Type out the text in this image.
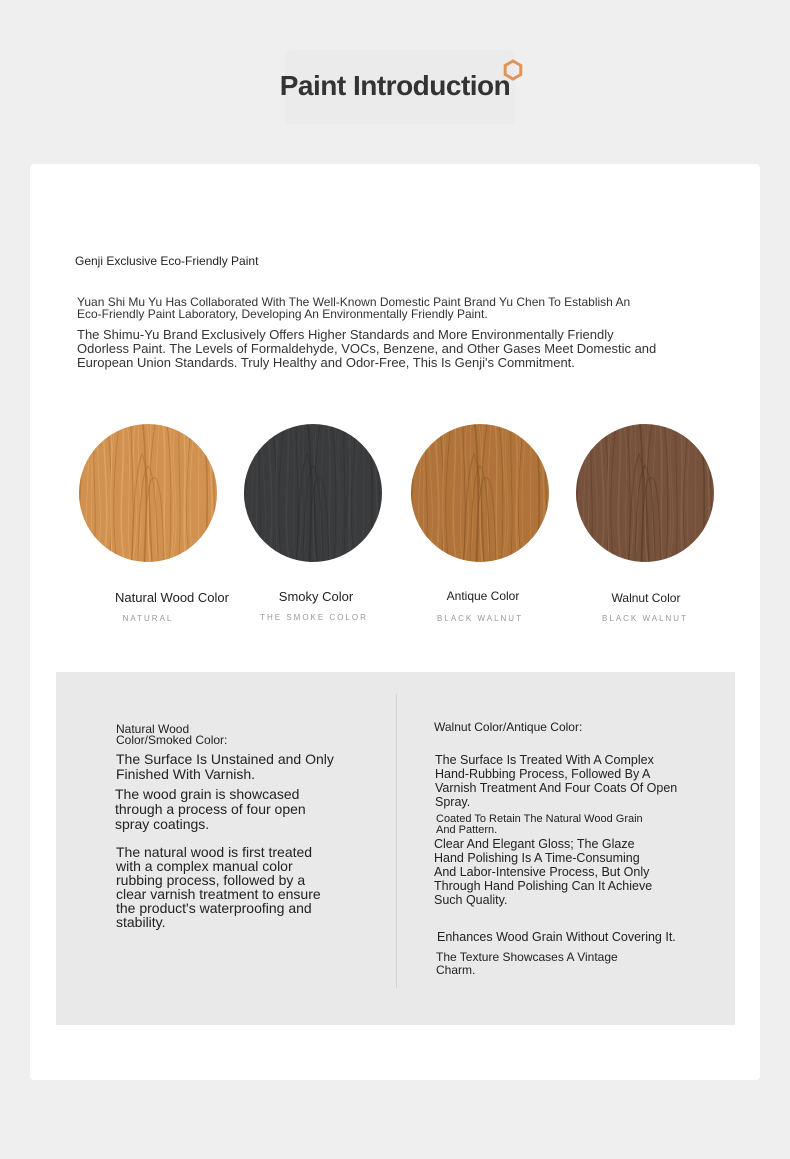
Paint Introduction
Genji Exclusive Eco-Friendly Paint
Yuan Shi Mu Yu Has Collaborated With The Well-Known Domestic Paint Brand Yu Chen To Establish An Eco-Friendly Paint Laboratory, Developing An Environmentally Friendly Paint.
The Shimu-Yu Brand Exclusively Offers Higher Standards and More Environmentally Friendly Odorless Paint. The Levels of Formaldehyde, VOCs, Benzene, and Other Gases Meet Domestic and European Union Standards. Truly Healthy and Odor-Free, This Is Genji's Commitment.
Natural Wood Color
NATURAL
Smoky Color
THE SMOKE COLOR
Antique Color
BLACK WALNUT
Walnut Color
BLACK WALNUT
Natural Wood Color/Smoked Color:
The Surface Is Unstained and Only Finished With Varnish.
The wood grain is showcased through a process of four open spray coatings.
The natural wood is first treated with a complex manual color rubbing process, followed by a clear varnish treatment to ensure the product's waterproofing and stability.
Walnut Color/Antique Color:
The Surface Is Treated With A Complex Hand-Rubbing Process, Followed By A Varnish Treatment And Four Coats Of Open Spray.
Coated To Retain The Natural Wood Grain And Pattern.
Clear And Elegant Gloss; The Glaze Hand Polishing Is A Time-Consuming And Labor-Intensive Process, But Only Through Hand Polishing Can It Achieve Such Quality.
Enhances Wood Grain Without Covering It.
The Texture Showcases A Vintage Charm.
